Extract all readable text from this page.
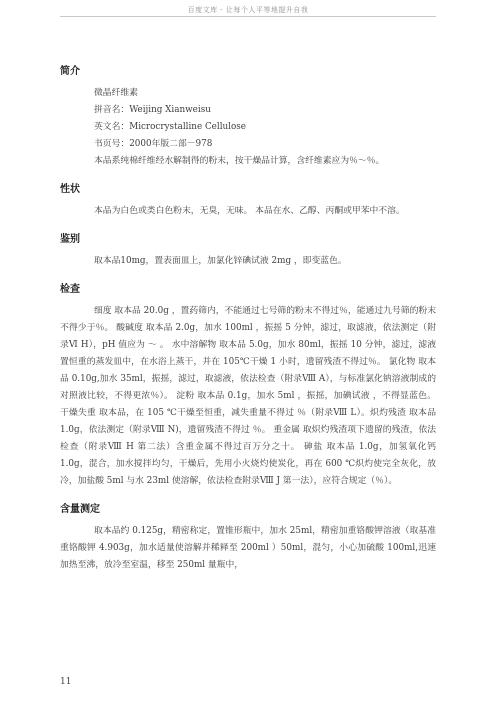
百度文库 - 让每个人平等地提升自我
简介

微晶纤维素

拼音名：Weijing Xianweisu

英文名：Microcrystalline Cellulose

书页号：2000年版二部－978

本品系纯棉纤维经水解制得的粉末，按干燥品计算，含纤维素应为％～％。

性状

本品为白色或类白色粉末，无臭，无味。 本品在水、乙醇、丙酮或甲苯中不溶。

鉴别

取本品10mg，置表面皿上，加氯化锌碘试液 2mg ，即变蓝色。

检查

细度 取本品 20.0g ，置药筛内，不能通过七号筛的粉末不得过％，能通过九号筛的粉末不得少于％。 酸碱度 取本品 2.0g，加水 100ml ，振摇 5 分钟，滤过，取滤液，依法测定（附录Ⅵ H），pH 值应为 ～ 。 水中溶解物 取本品 5.0g，加水 80ml，振摇 10 分钟，滤过，滤液置恒重的蒸发皿中，在水浴上蒸干，并在 105℃干燥 1 小时，遗留残渣不得过％。 氯化物 取本品 0.10g,加水 35ml，振摇，滤过，取滤液，依法检查（附录Ⅷ A），与标准氯化钠溶液制成的对照液比较，不得更浓％）。 淀粉 取本品 0.1g，加水 5ml ，振摇，加碘试液 ，不得显蓝色。 干燥失重 取本品，在 105 ℃干燥至恒重，减失重量不得过 ％（附录Ⅷ L）。炽灼残渣 取本品 1.0g，依法测定（附录Ⅷ N)，遗留残渣不得过 ％。 重金属 取炽灼残渣项下遗留的残渣，依法检查（附录Ⅷ H 第二法）含重金属不得过百万分之十。 砷盐 取本品 1.0g，加氢氧化钙 1.0g，混合，加水搅拌均匀，干燥后，先用小火烧灼使炭化，再在 600 ℃炽灼使完全灰化，放冷，加盐酸 5ml 与水 23ml 使溶解，依法检查附录Ⅷ J 第一法），应符合规定（％）。

含量测定

取本品约 0.125g，精密称定，置锥形瓶中，加水 25ml，精密加重铬酸钾溶液（取基准重铬酸钾 4.903g，加水适量使溶解并稀释至 200ml ）50ml，混匀，小心加硫酸 100ml,迅速加热至沸，放冷至室温，移至 250ml 量瓶中，

11
